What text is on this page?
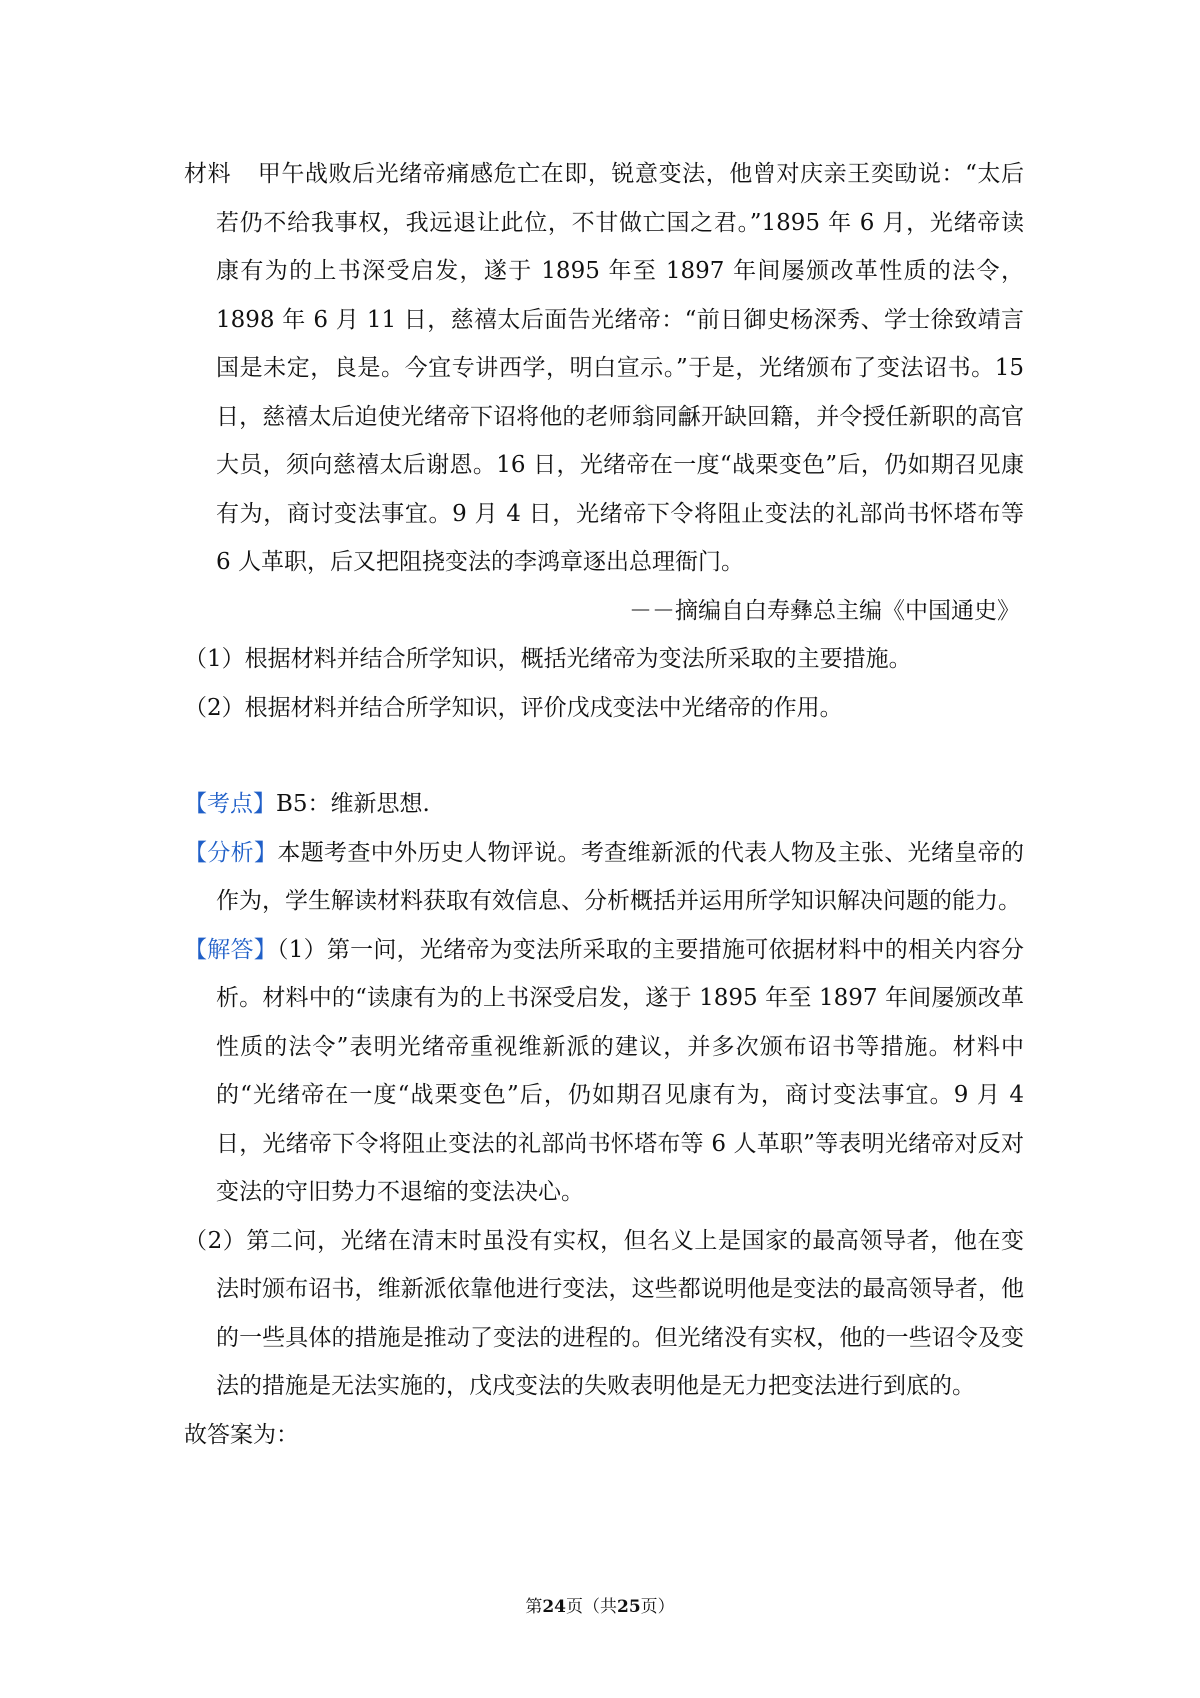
材料 甲午战败后光绪帝痛感危亡在即，锐意变法，他曾对庆亲王奕劻说：“太后若仍不给我事权，我远退让此位，不甘做亡国之君。”1895 年 6 月，光绪帝读康有为的上书深受启发，遂于 1895 年至 1897 年间屡颁改革性质的法令，1898 年 6 月 11 日，慈禧太后面告光绪帝：“前日御史杨深秀、学士徐致靖言国是未定，良是。今宜专讲西学，明白宣示。”于是，光绪颁布了变法诏书。15 日，慈禧太后迫使光绪帝下诏将他的老师翁同龢开缺回籍，并令授任新职的高官大员，须向慈禧太后谢恩。16 日，光绪帝在一度“战栗变色”后，仍如期召见康有为，商讨变法事宜。9 月 4 日，光绪帝下令将阻止变法的礼部尚书怀塔布等 6 人革职，后又把阻挠变法的李鸿章逐出总理衙门。

－－摘编自白寿彝总主编《中国通史》

（1）根据材料并结合所学知识，概括光绪帝为变法所采取的主要措施。

（2）根据材料并结合所学知识，评价戊戌变法中光绪帝的作用。

【考点】B5：维新思想.

【分析】本题考查中外历史人物评说。考查维新派的代表人物及主张、光绪皇帝的作为，学生解读材料获取有效信息、分析概括并运用所学知识解决问题的能力。

【解答】（1）第一问，光绪帝为变法所采取的主要措施可依据材料中的相关内容分析。材料中的“读康有为的上书深受启发，遂于 1895 年至 1897 年间屡颁改革性质的法令”表明光绪帝重视维新派的建议，并多次颁布诏书等措施。材料中的“光绪帝在一度“战栗变色”后，仍如期召见康有为，商讨变法事宜。9 月 4 日，光绪帝下令将阻止变法的礼部尚书怀塔布等 6 人革职”等表明光绪帝对反对变法的守旧势力不退缩的变法决心。

（2）第二问，光绪在清末时虽没有实权，但名义上是国家的最高领导者，他在变法时颁布诏书，维新派依靠他进行变法，这些都说明他是变法的最高领导者，他的一些具体的措施是推动了变法的进程的。但光绪没有实权，他的一些诏令及变法的措施是无法实施的，戊戌变法的失败表明他是无力把变法进行到底的。

故答案为：

第24页（共25页）
